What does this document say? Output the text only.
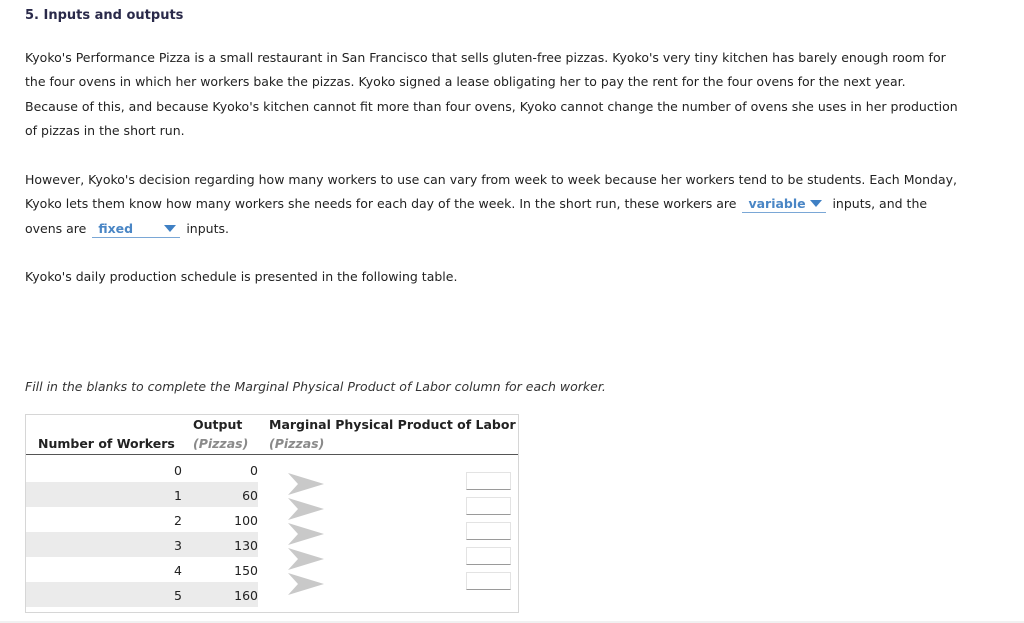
5. Inputs and outputs
Kyoko's Performance Pizza is a small restaurant in San Francisco that sells gluten-free pizzas. Kyoko's very tiny kitchen has barely enough room for the four ovens in which her workers bake the pizzas. Kyoko signed a lease obligating her to pay the rent for the four ovens for the next year. Because of this, and because Kyoko's kitchen cannot fit more than four ovens, Kyoko cannot change the number of ovens she uses in her production of pizzas in the short run.
However, Kyoko's decision regarding how many workers to use can vary from week to week because her workers tend to be students. Each Monday, Kyoko lets them know how many workers she needs for each day of the week. In the short run, these workers are variable inputs, and the ovens are fixed	inputs.
Kyoko's daily production schedule is presented in the following table.
Fill in the blanks to complete the Marginal Physical Product of Labor column for each worker.
Number of Workers
Output
(Pizzas)
Marginal Physical Product of Labor
(Pizzas)
0	0
1	60
2	100
3	130
4	150
5	160
